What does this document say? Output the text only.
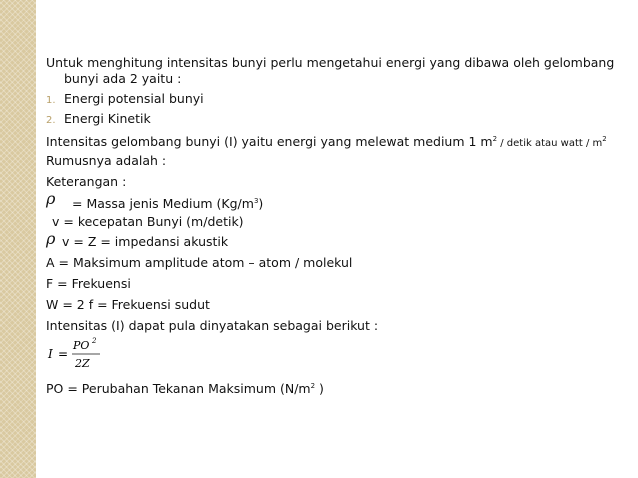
Untuk menghitung intensitas bunyi perlu mengetahui energi yang dibawa oleh gelombang
bunyi ada 2 yaitu :
1. Energi potensial bunyi
2. Energi Kinetik
Intensitas gelombang bunyi (I) yaitu energi yang melewat medium 1 $m^2$ / detik atau watt / $m^2$
Rumusnya adalah :
Keterangan :
ρ = Massa jenis Medium $(Kg/m^3)$
v = kecepatan Bunyi (m/detik)
ρ v = Z = impedansi akustik
A = Maksimum amplitude atom – atom / molekul
F = Frekuensi
W = 2 f = Frekuensi sudut
Intensitas (I) dapat pula dinyatakan sebagai berikut :
I =
PO 2
2Z
PO = Perubahan Tekanan Maksimum ($N/m^2$ )
